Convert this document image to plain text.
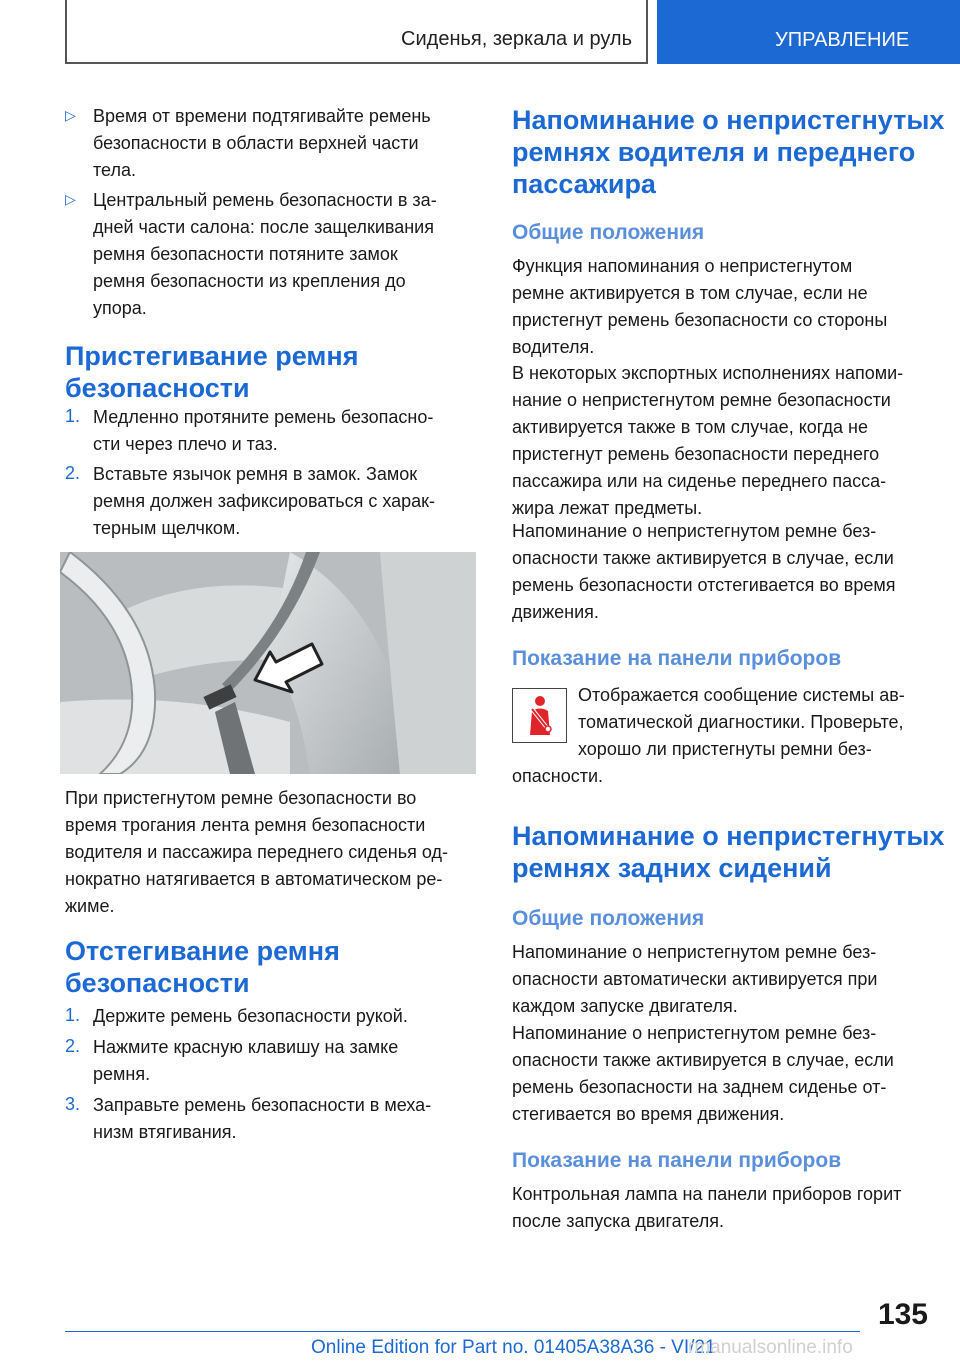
Сиденья, зеркала и руль	УПРАВЛЕНИЕ
▷ Время от времени подтягивайте ремень
безопасности в области верхней части
тела.
▷ Центральный ремень безопасности в за-
дней части салона: после защелкивания
ремня безопасности потяните замок
ремня безопасности из крепления до
упора.
Пристегивание ремня
безопасности
1. Медленно протяните ремень безопасно-
сти через плечо и таз.
2. Вставьте язычок ремня в замок. Замок
ремня должен зафиксироваться с харак-
терным щелчком.
При пристегнутом ремне безопасности во
время трогания лента ремня безопасности
водителя и пассажира переднего сиденья од-
нократно натягивается в автоматическом ре-
жиме.
Отстегивание ремня
безопасности
1. Держите ремень безопасности рукой.
2. Нажмите красную клавишу на замке
ремня.
3. Заправьте ремень безопасности в меха-
низм втягивания.
Напоминание о непристегнутых
ремнях водителя и переднего
пассажира
Общие положения
Функция напоминания о непристегнутом
ремне активируется в том случае, если не
пристегнут ремень безопасности со стороны
водителя.
В некоторых экспортных исполнениях напоми-
нание о непристегнутом ремне безопасности
активируется также в том случае, когда не
пристегнут ремень безопасности переднего
пассажира или на сиденье переднего пасса-
жира лежат предметы.
Напоминание о непристегнутом ремне без-
опасности также активируется в случае, если
ремень безопасности отстегивается во время
движения.
Показание на панели приборов
Отображается сообщение системы ав-
томатической диагностики. Проверьте,
хорошо ли пристегнуты ремни без-
опасности.
Напоминание о непристегнутых
ремнях задних сидений
Общие положения
Напоминание о непристегнутом ремне без-
опасности автоматически активируется при
каждом запуске двигателя.
Напоминание о непристегнутом ремне без-
опасности также активируется в случае, если
ремень безопасности на заднем сиденье от-
стегивается во время движения.
Показание на панели приборов
Контрольная лампа на панели приборов горит
после запуска двигателя.
135
Online Edition for Part no. 01405A38A36 - VI/21
rmanualsonline.info
